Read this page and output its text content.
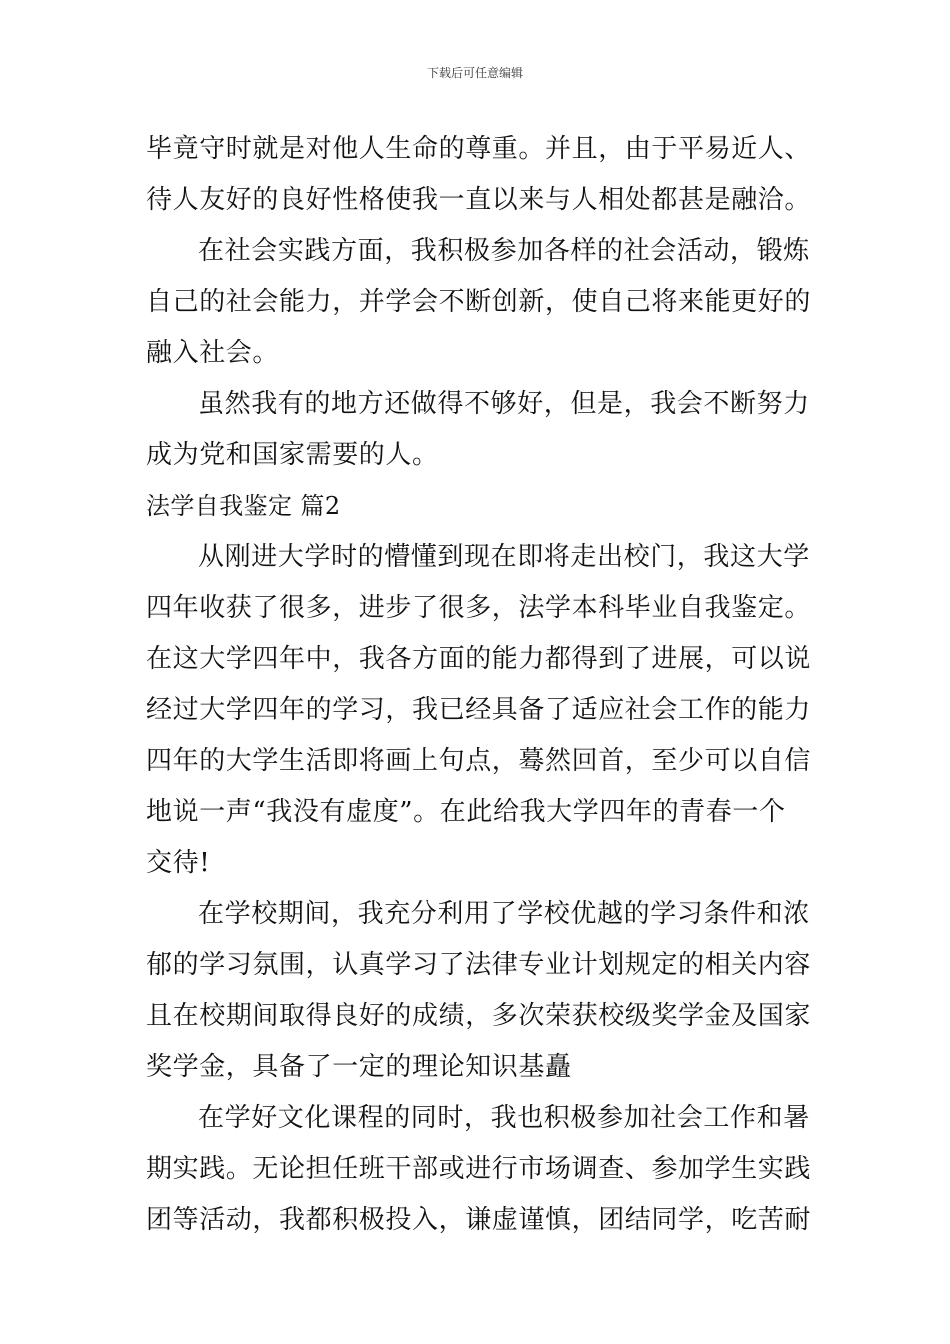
下载后可任意编辑
毕竟守时就是对他人生命的尊重。并且，由于平易近人、
待人友好的良好性格使我一直以来与人相处都甚是融洽。
在社会实践方面，我积极参加各样的社会活动，锻炼
自己的社会能力，并学会不断创新，使自己将来能更好的
融入社会。
虽然我有的地方还做得不够好，但是，我会不断努力
成为党和国家需要的人。
法学自我鉴定 篇2
从刚进大学时的懵懂到现在即将走出校门，我这大学
四年收获了很多，进步了很多，法学本科毕业自我鉴定。
在这大学四年中，我各方面的能力都得到了进展，可以说
经过大学四年的学习，我已经具备了适应社会工作的能力
四年的大学生活即将画上句点，蓦然回首，至少可以自信
地说一声“我没有虚度”。在此给我大学四年的青春一个
交待!
在学校期间，我充分利用了学校优越的学习条件和浓
郁的学习氛围，认真学习了法律专业计划规定的相关内容
且在校期间取得良好的成绩，多次荣获校级奖学金及国家
奖学金，具备了一定的理论知识基矗
在学好文化课程的同时，我也积极参加社会工作和暑
期实践。无论担任班干部或进行市场调查、参加学生实践
团等活动，我都积极投入，谦虚谨慎，团结同学，吃苦耐
